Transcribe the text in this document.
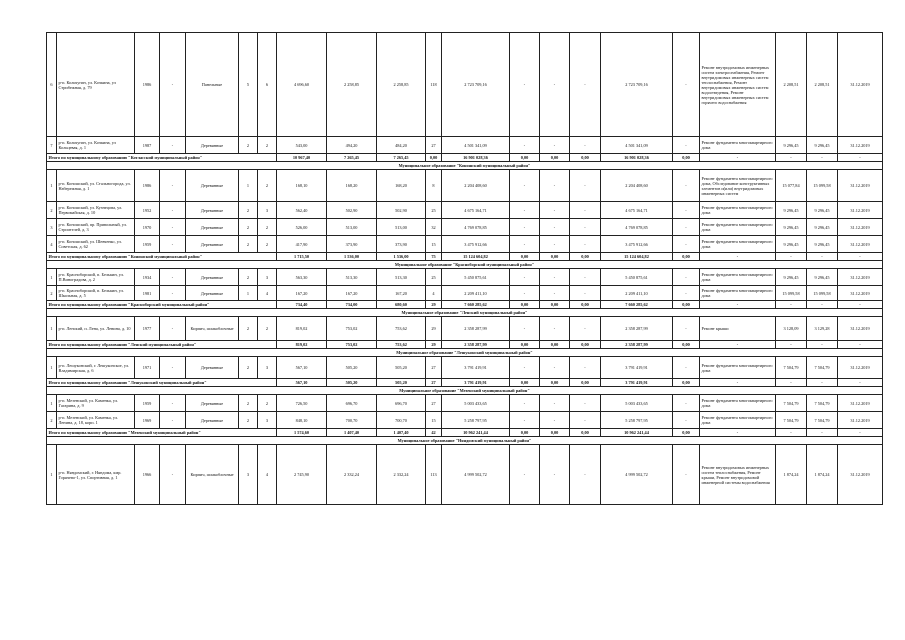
6	р-п. Кольчугин, ул. Кочкина, ул Стрибежная, д. 79	1986	-	Панельные	5	6	4 696,60	2 258,85	2 258,85	118	2 723 709,16	-	-	-	2 723 709,16	-	Ремонт внутридомовых инженерных систем электроснабжения, Ремонт внутридомовых инженерных систем теплоснабжения, Ремонт внутридомовых инженерных систем водоотведения, Ремонт внутридомовых инженерных систем горячего водоснабжения	2 208,51	2 208,51	31.12.2019
7	р-п. Кольчугин, ул. Кочкина, ул Кольцевая, д. 1	1987	-	Деревянные	2	2	543,00	494,20	484,20	27	4 501 341,09	-	-	-	4 501 341,09	-	Ремонт фундамента многоквартирного дома	9 296,45	9 296,45	31.12.2019
Итого по муниципальному образованию "Котласский муниципальный район"							10 967,40	7 265,45	7 265,45	0,00	16 901 028,36	0,00	0,00	0,00	16 901 028,36	0,00	-	-	-	-
Муниципальное образование "Коношский муниципальный район"																				
1	р-п. Коношский, ул. Стальногорода, ул. Набережная, д. 1	1986	-	Деревянные	1	2	168,10	168,20	168,20	8	2 204 408,60	-	-	-	2 204 408,60	-	Ремонт фундамента многоквартирного дома, Обследование конструктивных элементов и(или) внутридомовых инженерных систем	15 077,84	15 099,58	31.12.2019
2	р-п. Коношский, ул. Кузнецова, ул. Первомайская, д. 10	1952	-	Деревянные	2	3	562,40	502,90	502,90	25	4 675 164,71	-	-	-	4 675 164,71	-	Ремонт фундамента многоквартирного дома	9 296,45	9 296,45	31.12.2019
3	р-п. Коношский, пр. Привольный, ул. Строителей, д. 3	1970	-	Деревянные	2	2	526,00	513,00	513,00	32	4 769 078,85	-	-	-	4 769 078,85	-	Ремонт фундамента многоквартирного дома	9 296,45	9 296,45	31.12.2019
4	р-п. Коношский, ул. Шевченко, ул. Советская, д. 62	1959	-	Деревянные	2	2	417,90	373,90	373,90	15	3 475 912,66	-	-	-	3 475 912,66	-	Ремонт фундамента многоквартирного дома	9 296,45	9 296,45	31.12.2019
Итого по муниципальному образованию "Коношский муниципальный район"							1 715,50	1 536,00	1 536,00	75	15 124 604,82	0,00	0,00	0,00	15 124 604,82	0,00	-	-	-	-
Муниципальное образование "Красноборский муниципальный район"																				
1	р-п. Красноборский, п. Белькин, ул. П.Виноградова, д. 2	1934	-	Деревянные	2	3	563,30	513,30	513,30	25	5 450 875,61	-	-	-	5 450 875,61	-	Ремонт фундамента многоквартирного дома	9 296,45	9 296,45	31.12.2019
2	р-п. Красноборский, п. Белькин, ул. Школьная, д. 5	1981	-	Деревянные	1	4	167,20	167,20	167,20	4	2 209 411,10	-	-	-	2 209 411,10	-	Ремонт фундамента многоквартирного дома	15 099,58	15 099,58	31.12.2019
Итого по муниципальному образованию "Красноборский муниципальный район"							734,40	734,00	680,60	29	7 660 285,62	0,00	0,00	0,00	7 660 285,62	0,00	-	-	-	-
Муниципальное образование "Ленский муниципальный район"																				
1	р-п. Ленский, п. Лена, ул. Ленина, д. 10	1977	-	Кирпич, шлакоблочные	2	2	819,02	753,02	753,62	29	2 358 287,99	-	-	-	2 358 287,99	-	Ремонт крыши	3 128,09	3 129,28	31.12.2019
Итого по муниципальному образованию "Ленский муниципальный район"							819,02	753,02	753,62	29	2 358 287,99	0,00	0,00	0,00	2 358 287,99	0,00	-	-	-	-
Муниципальное образование "Лешуконский муниципальный район"																				
1	р-п. Лешуконский, г. Лешуконское, ул. Владимирская, д. 6	1971	-	Деревянные	2	3	567,10	505,20	505,20	27	3 791 419,91	-	-	-	3 791 419,91	-	Ремонт фундамента многоквартирного дома	7 504,79	7 504,79	31.12.2019
Итого по муниципальному образованию "Лешуконский муниципальный район"							567,10	505,20	505,20	27	3 791 419,91	0,00	0,00	0,00	3 791 419,91	0,00	-	-	-	-
Муниципальное образование "Мезенский муниципальный район"																				
1	р-п. Мезенский, ул. Каменка, ул. Гагарина, д. 9	1959	-	Деревянные	2	2	726,50	696,70	696,70	27	5 003 433,65	-	-	-	5 003 433,65	-	Ремонт фундамента многоквартирного дома	7 504,79	7 504,79	31.12.2019
2	р-п. Мезенский, ул. Каменка, ул. Ленина, д. 18, корп. 1	1969	-	Деревянные	2	3	848,10	700,70	700,70	15	5 258 797,95	-	-	-	5 258 797,95	-	Ремонт фундамента многоквартирного дома	7 504,79	7 504,79	31.12.2019
Итого по муниципальному образованию "Мезенский муниципальный район"							1 574,60	1 407,40	1 407,40	42	10 962 241,44	0,00	0,00	0,00	10 962 241,44	0,00	-	-	-	-
Муниципальное образование "Няндомский муниципальный район"																				
1	р-п. Няндомский, г. Няндома, кмр. Горячево-1, ул. Спортивная, д. 1	1966	-	Кирпич, шлакоблочные	3	4	2 745,90	2 332,24	2 332,24	113	4 999 502,72	-	-	-	4 999 502,72	-	Ремонт внутридомовых инженерных систем теплоснабжения, Ремонт крыши, Ремонт внутридомовой инженерной системы водоснабжения	1 874,24	1 874,24	31.12.2019
